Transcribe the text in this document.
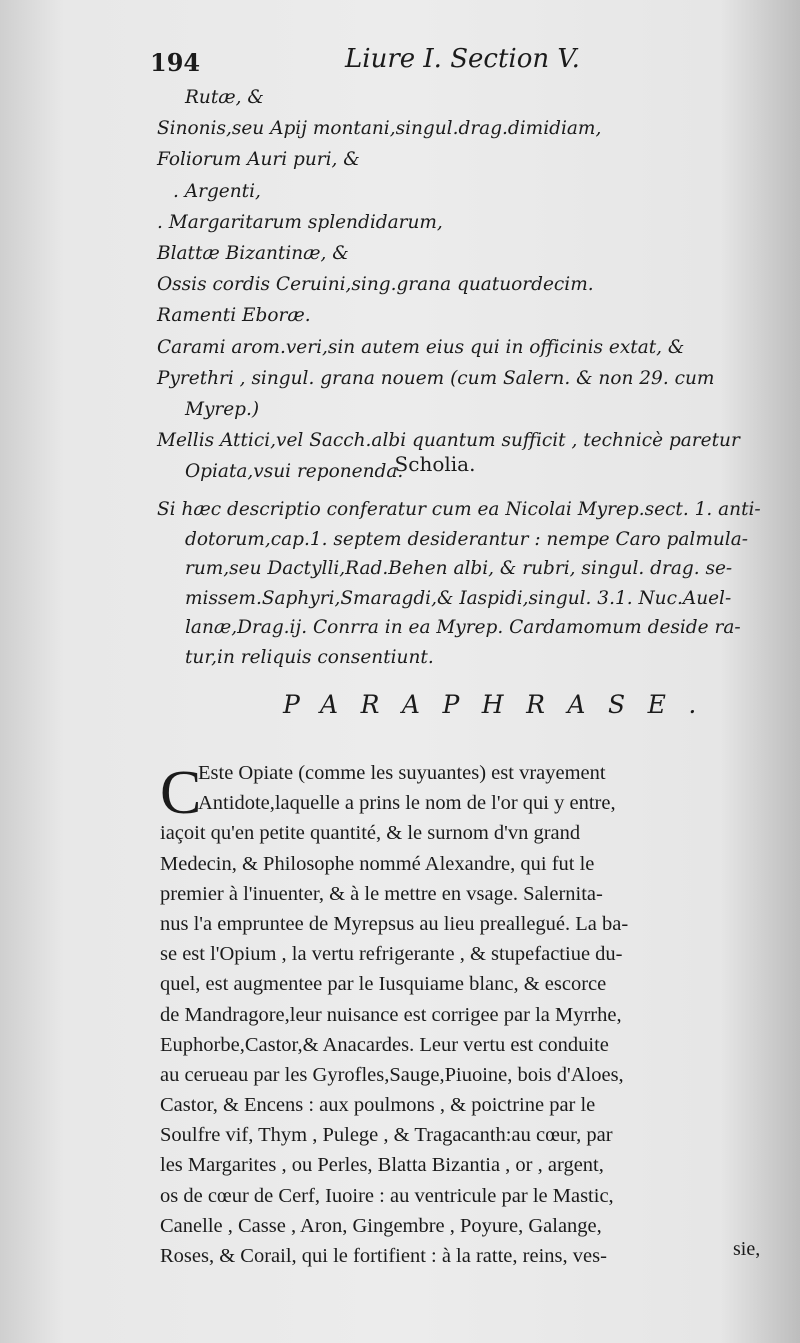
194	Liure I. Section V.
Rutæ, &
Sinonis,seu Apij montani,singul.drag.dimidiam,
Foliorum Auri puri, &
. Argenti,
. Margaritarum splendidarum,
Blattæ Bizantinæ, &
Ossis cordis Ceruini,sing.grana quatuordecim.
Ramenti Eboræ.
Carami arom.veri,sin autem eius qui in officinis extat, &
Pyrethri , singul. grana nouem (cum Salern. & non 29. cum
Myrep.)
Mellis Attici,vel Sacch.albi quantum sufficit , technicè paretur
Opiata,vsui reponenda.
Scholia.
Si hæc descriptio conferatur cum ea Nicolai Myrep.sect. 1. anti-
dotorum,cap.1. septem desiderantur : nempe Caro palmula-
rum,seu Dactylli,Rad.Behen albi, & rubri, singul. drag. se-
missem.Saphyri,Smaragdi,& Iaspidi,singul. 3.1. Nuc.Auel-
lanæ,Drag.ij. Conrra in ea Myrep. Cardamomum deside ra-
tur,in reliquis consentiunt.
PARAPHRASE.
C
Este Opiate (comme les suyuantes) est vrayement
Antidote,laquelle a prins le nom de l'or qui y entre,
iaçoit qu'en petite quantité, & le surnom d'vn grand
Medecin, & Philosophe nommé Alexandre, qui fut le
premier à l'inuenter, & à le mettre en vsage. Salernita-
nus l'a empruntee de Myrepsus au lieu preallegué. La ba-
se est l'Opium , la vertu refrigerante , & stupefactiue du-
quel, est augmentee par le Iusquiame blanc, & escorce
de Mandragore,leur nuisance est corrigee par la Myrrhe,
Euphorbe,Castor,& Anacardes. Leur vertu est conduite
au cerueau par les Gyrofles,Sauge,Piuoine, bois d'Aloes,
Castor, & Encens : aux poulmons , & poictrine par le
Soulfre vif, Thym , Pulege , & Tragacanth:au cœur, par
les Margarites , ou Perles, Blatta Bizantia , or , argent,
os de cœur de Cerf, Iuoire : au ventricule par le Mastic,
Canelle , Casse , Aron, Gingembre , Poyure, Galange,
Roses, & Corail, qui le fortifient : à la ratte, reins, ves-	sie,
